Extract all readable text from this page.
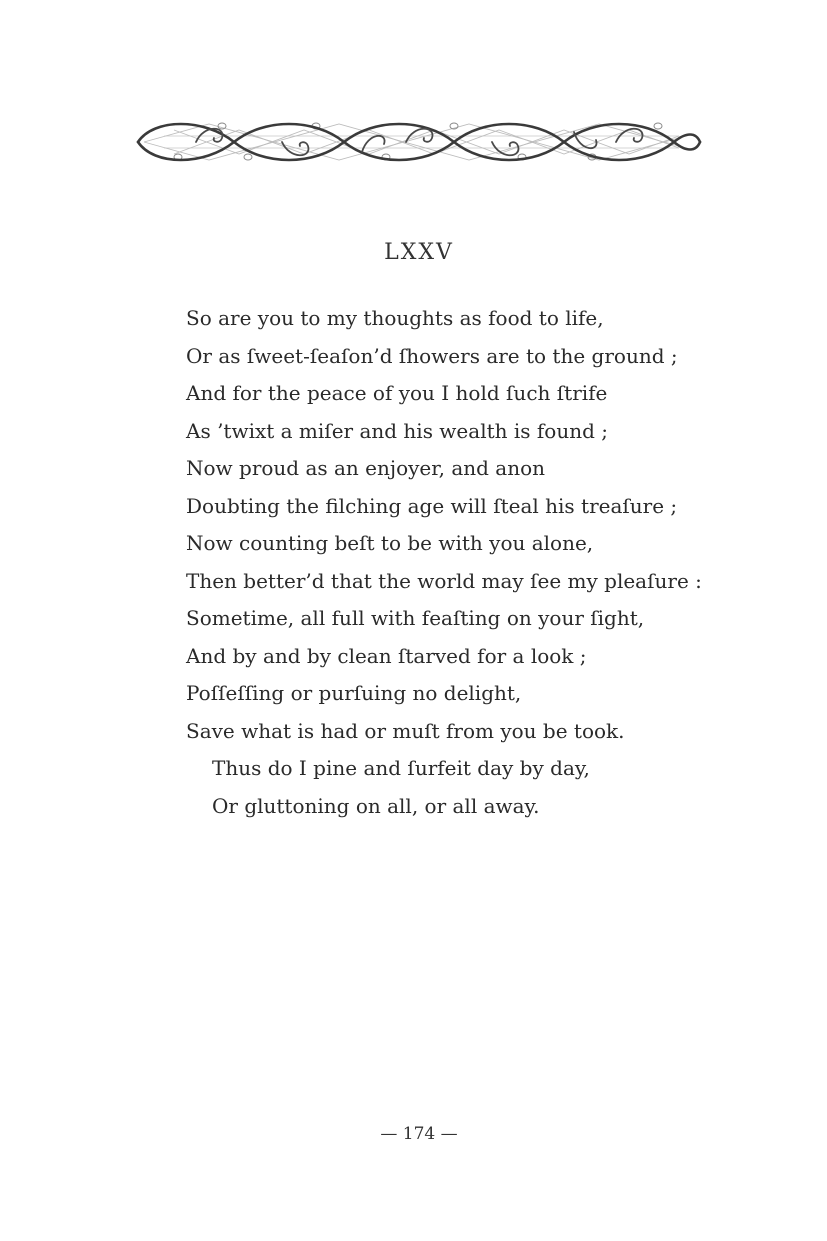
LXXV
So are you to my thoughts as food to life,
Or as ſweet-ſeaſon’d ſhowers are to the ground ;
And for the peace of you I hold ſuch ſtrife
As ’twixt a miſer and his wealth is found ;
Now proud as an enjoyer, and anon
Doubting the filching age will ſteal his treaſure ;
Now counting beſt to be with you alone,
Then better’d that the world may ſee my pleaſure :
Sometime, all full with feaſting on your ſight,
And by and by clean ſtarved for a look ;
Poſſeſſing or purſuing no delight,
Save what is had or muſt from you be took.
Thus do I pine and ſurfeit day by day,
Or gluttoning on all, or all away.
— 174 —
